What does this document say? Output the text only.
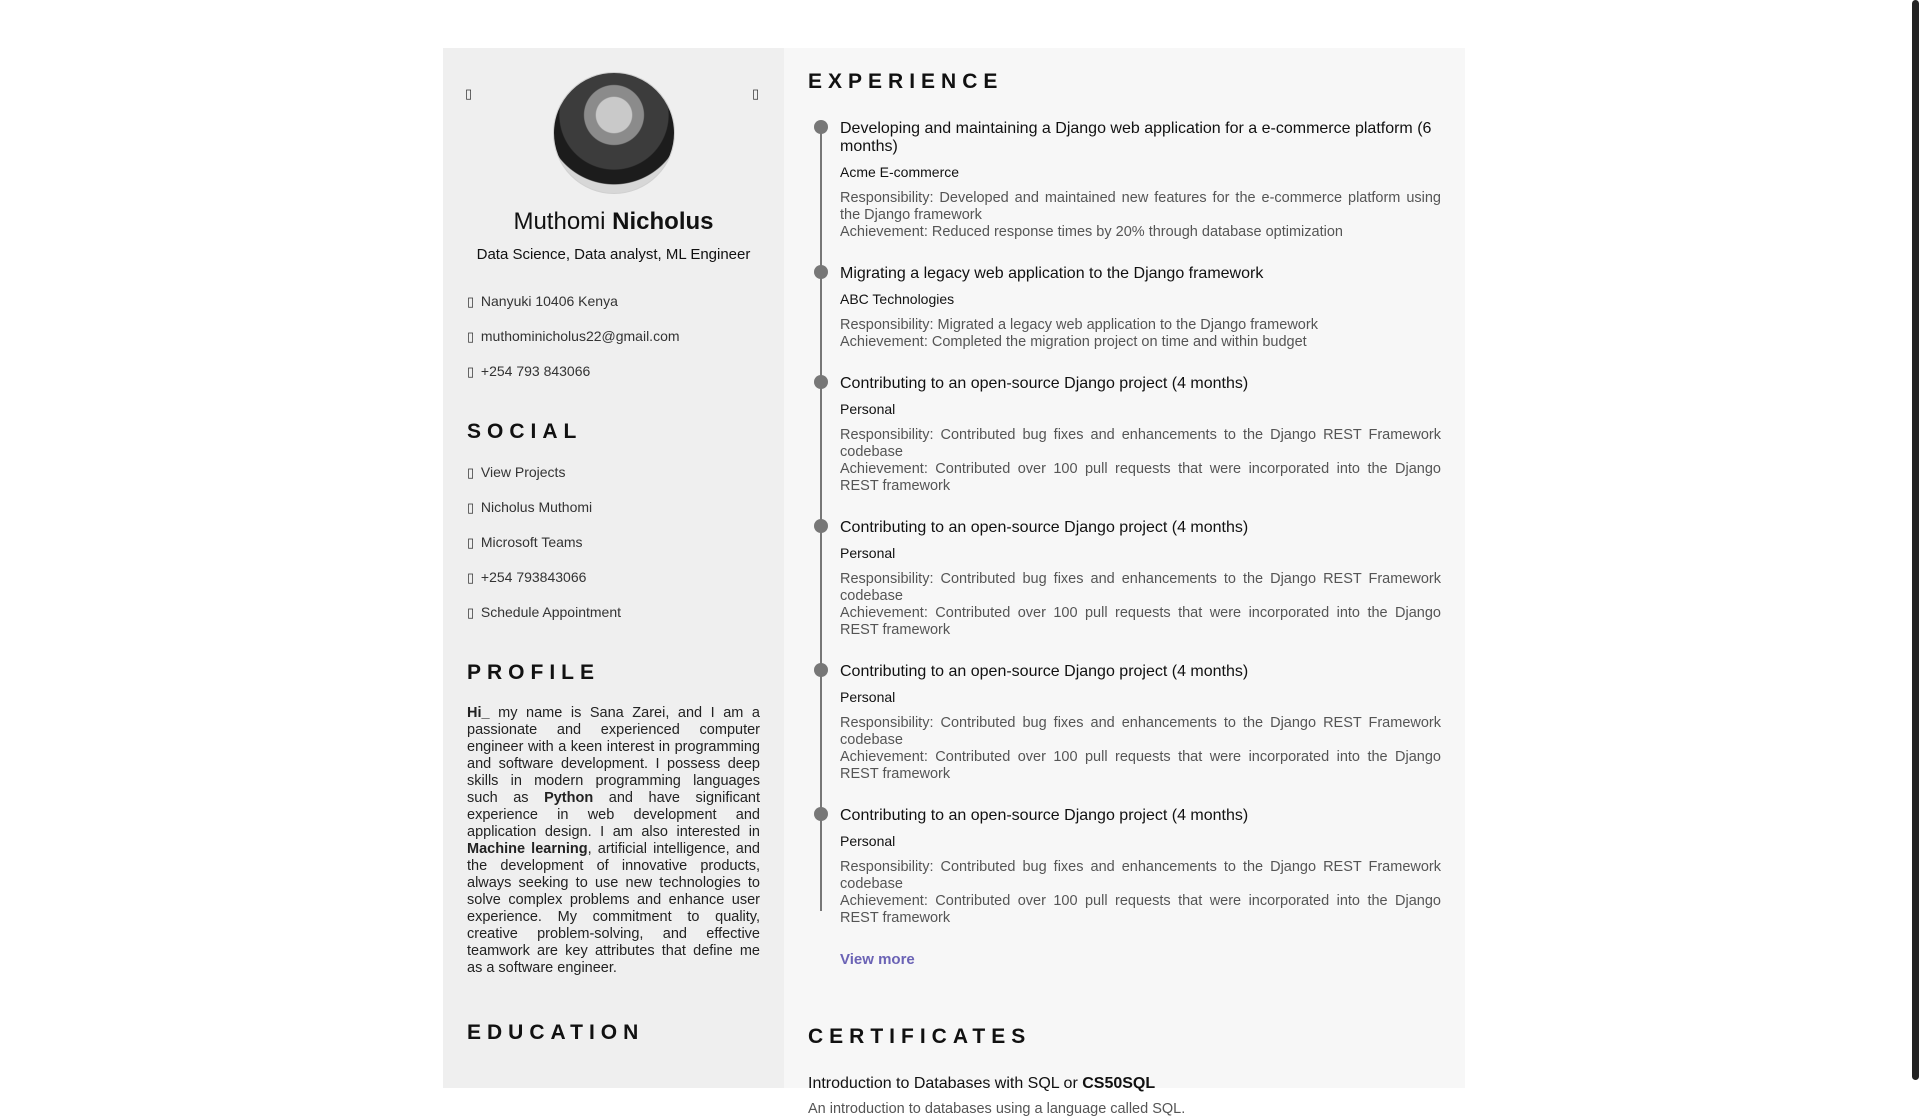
▯	▯
Muthomi Nicholus
Data Science, Data analyst, ML Engineer
▯ Nanyuki 10406 Kenya
▯ muthominicholus22@gmail.com
▯ +254 793 843066
SOCIAL
▯ View Projects
▯ Nicholus Muthomi
▯ Microsoft Teams
▯ +254 793843066
▯ Schedule Appointment
PROFILE
Hi_ my name is Sana Zarei, and I am a passionate and experienced computer engineer with a keen interest in programming and software development. I possess deep skills in modern programming languages such as Python and have significant experience in web development and application design. I am also interested in Machine learning, artificial intelligence, and the development of innovative products, always seeking to use new technologies to solve complex problems and enhance user experience. My commitment to quality, creative problem-solving, and effective teamwork are key attributes that define me as a software engineer.
EDUCATION
EXPERIENCE
Developing and maintaining a Django web application for a e-commerce platform (6 months)
Acme E-commerce
Responsibility: Developed and maintained new features for the e-commerce platform using the Django framework
Achievement: Reduced response times by 20% through database optimization
Migrating a legacy web application to the Django framework
ABC Technologies
Responsibility: Migrated a legacy web application to the Django framework
Achievement: Completed the migration project on time and within budget
Contributing to an open-source Django project (4 months)
Personal
Responsibility: Contributed bug fixes and enhancements to the Django REST Framework codebase
Achievement: Contributed over 100 pull requests that were incorporated into the Django REST framework
Contributing to an open-source Django project (4 months)
Personal
Responsibility: Contributed bug fixes and enhancements to the Django REST Framework codebase
Achievement: Contributed over 100 pull requests that were incorporated into the Django REST framework
Contributing to an open-source Django project (4 months)
Personal
Responsibility: Contributed bug fixes and enhancements to the Django REST Framework codebase
Achievement: Contributed over 100 pull requests that were incorporated into the Django REST framework
Contributing to an open-source Django project (4 months)
Personal
Responsibility: Contributed bug fixes and enhancements to the Django REST Framework codebase
Achievement: Contributed over 100 pull requests that were incorporated into the Django REST framework
View more
CERTIFICATES
Introduction to Databases with SQL or CS50SQL
An introduction to databases using a language called SQL.
